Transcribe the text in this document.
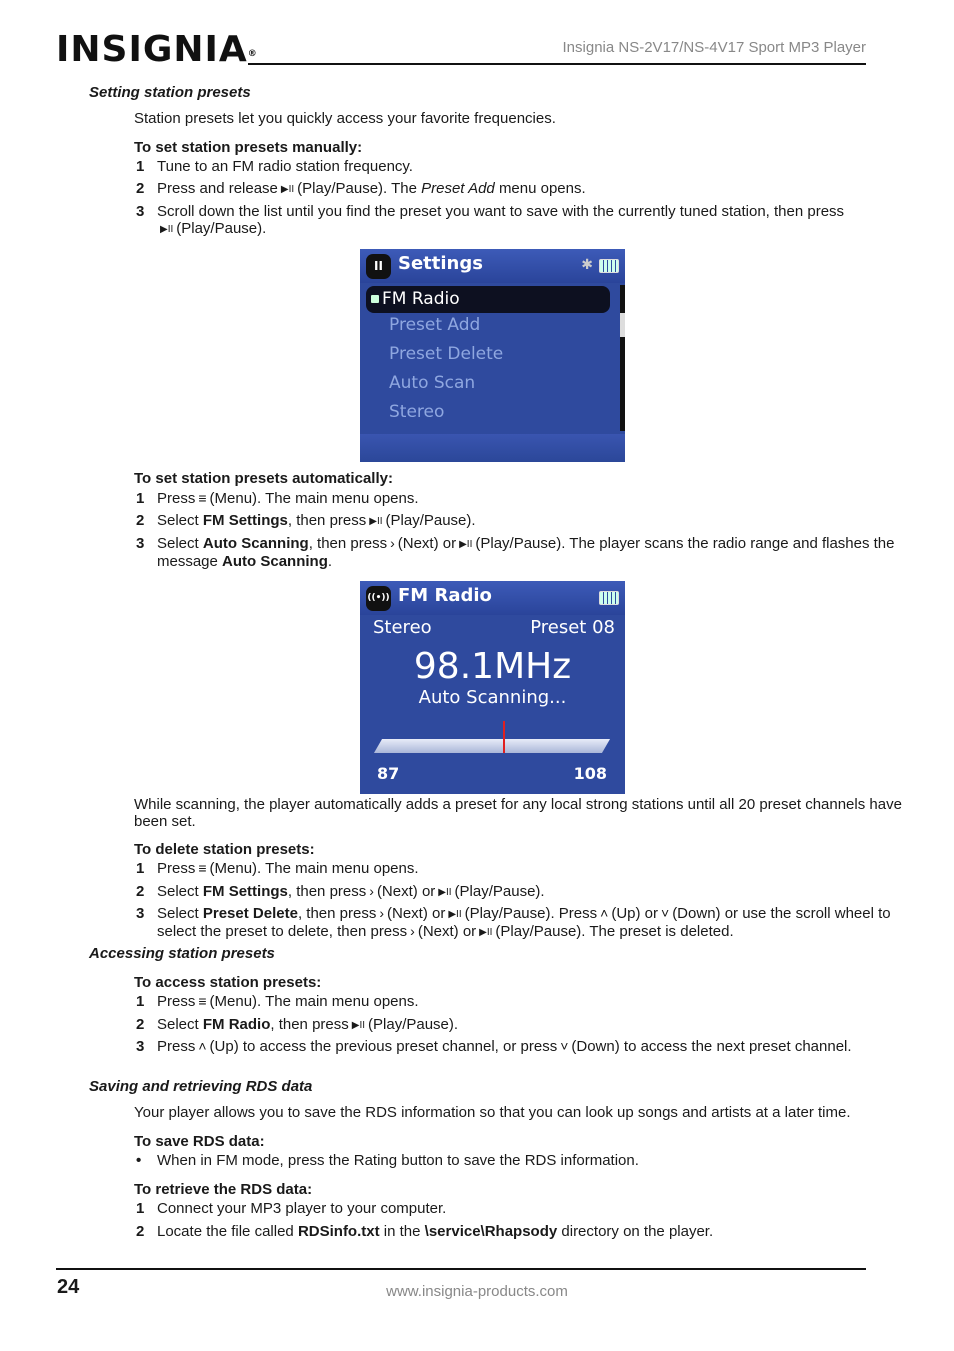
INSIGNIA®	Insignia NS-2V17/NS-4V17 Sport MP3 Player
Setting station presets
Station presets let you quickly access your favorite frequencies.
To set station presets manually:
1 Tune to an FM radio station frequency.
2 Press and release ▶II (Play/Pause). The Preset Add menu opens.
3 Scroll down the list until you find the preset you want to save with the currently tuned station, then press
▶II (Play/Pause).
II Settings	✱
FM Radio
Preset Add
Preset Delete
Auto Scan
Stereo
To set station presets automatically:
1 Press ≡ (Menu). The main menu opens.
2 Select FM Settings, then press ▶II (Play/Pause).
3 Select Auto Scanning, then press › (Next) or ▶II (Play/Pause). The player scans the radio range and flashes the message Auto Scanning.
((•)) FM Radio
Stereo	Preset 08
98.1MHz
Auto Scanning...
87	108
While scanning, the player automatically adds a preset for any local strong stations until all 20 preset channels have been set.
To delete station presets:
1 Press ≡ (Menu). The main menu opens.
2 Select FM Settings, then press › (Next) or ▶II (Play/Pause).
3 Select Preset Delete, then press › (Next) or ▶II (Play/Pause). Press ˄ (Up) or ˅ (Down) or use the scroll wheel to select the preset to delete, then press › (Next) or ▶II (Play/Pause). The preset is deleted.
Accessing station presets
To access station presets:
1 Press ≡ (Menu). The main menu opens.
2 Select FM Radio, then press ▶II (Play/Pause).
3 Press ˄ (Up) to access the previous preset channel, or press ˅ (Down) to access the next preset channel.
Saving and retrieving RDS data
Your player allows you to save the RDS information so that you can look up songs and artists at a later time.
To save RDS data:
• When in FM mode, press the Rating button to save the RDS information.
To retrieve the RDS data:
1 Connect your MP3 player to your computer.
2 Locate the file called RDSinfo.txt in the \service\Rhapsody directory on the player.
24	www.insignia-products.com
